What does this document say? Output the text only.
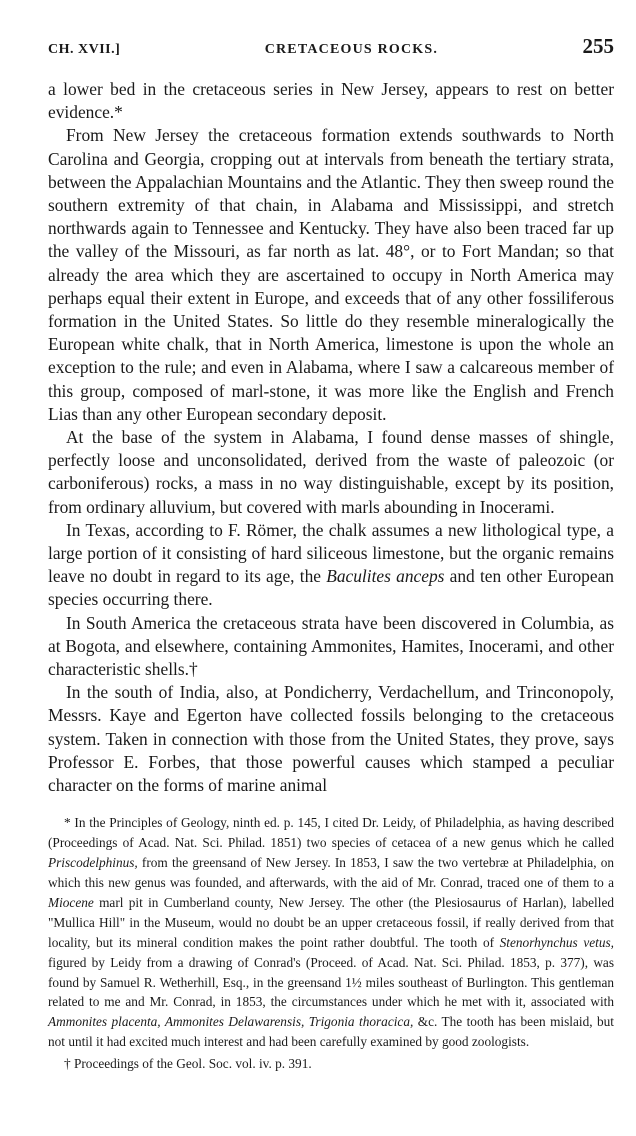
CH. XVII.]	CRETACEOUS ROCKS.	255

a lower bed in the cretaceous series in New Jersey, appears to rest on better evidence.*

From New Jersey the cretaceous formation extends southwards to North Carolina and Georgia, cropping out at intervals from beneath the tertiary strata, between the Appalachian Mountains and the Atlantic. They then sweep round the southern extremity of that chain, in Alabama and Mississippi, and stretch northwards again to Tennessee and Kentucky. They have also been traced far up the valley of the Missouri, as far north as lat. 48°, or to Fort Mandan; so that already the area which they are ascertained to occupy in North America may perhaps equal their extent in Europe, and exceeds that of any other fossiliferous formation in the United States. So little do they resemble mineralogically the European white chalk, that in North America, limestone is upon the whole an exception to the rule; and even in Alabama, where I saw a calcareous member of this group, composed of marl-stone, it was more like the English and French Lias than any other European secondary deposit.

At the base of the system in Alabama, I found dense masses of shingle, perfectly loose and unconsolidated, derived from the waste of paleozoic (or carboniferous) rocks, a mass in no way distinguishable, except by its position, from ordinary alluvium, but covered with marls abounding in Inocerami.

In Texas, according to F. Römer, the chalk assumes a new lithological type, a large portion of it consisting of hard siliceous limestone, but the organic remains leave no doubt in regard to its age, the Baculites anceps and ten other European species occurring there.

In South America the cretaceous strata have been discovered in Columbia, as at Bogota, and elsewhere, containing Ammonites, Hamites, Inocerami, and other characteristic shells.†

In the south of India, also, at Pondicherry, Verdachellum, and Trinconopoly, Messrs. Kaye and Egerton have collected fossils belonging to the cretaceous system. Taken in connection with those from the United States, they prove, says Professor E. Forbes, that those powerful causes which stamped a peculiar character on the forms of marine animal

* In the Principles of Geology, ninth ed. p. 145, I cited Dr. Leidy, of Philadelphia, as having described (Proceedings of Acad. Nat. Sci. Philad. 1851) two species of cetacea of a new genus which he called Priscodelphinus, from the greensand of New Jersey. In 1853, I saw the two vertebræ at Philadelphia, on which this new genus was founded, and afterwards, with the aid of Mr. Conrad, traced one of them to a Miocene marl pit in Cumberland county, New Jersey. The other (the Plesiosaurus of Harlan), labelled "Mullica Hill" in the Museum, would no doubt be an upper cretaceous fossil, if really derived from that locality, but its mineral condition makes the point rather doubtful. The tooth of Stenorhynchus vetus, figured by Leidy from a drawing of Conrad's (Proceed. of Acad. Nat. Sci. Philad. 1853, p. 377), was found by Samuel R. Wetherhill, Esq., in the greensand 1½ miles southeast of Burlington. This gentleman related to me and Mr. Conrad, in 1853, the circumstances under which he met with it, associated with Ammonites placenta, Ammonites Delawarensis, Trigonia thoracica, &c. The tooth has been mislaid, but not until it had excited much interest and had been carefully examined by good zoologists.

† Proceedings of the Geol. Soc. vol. iv. p. 391.
